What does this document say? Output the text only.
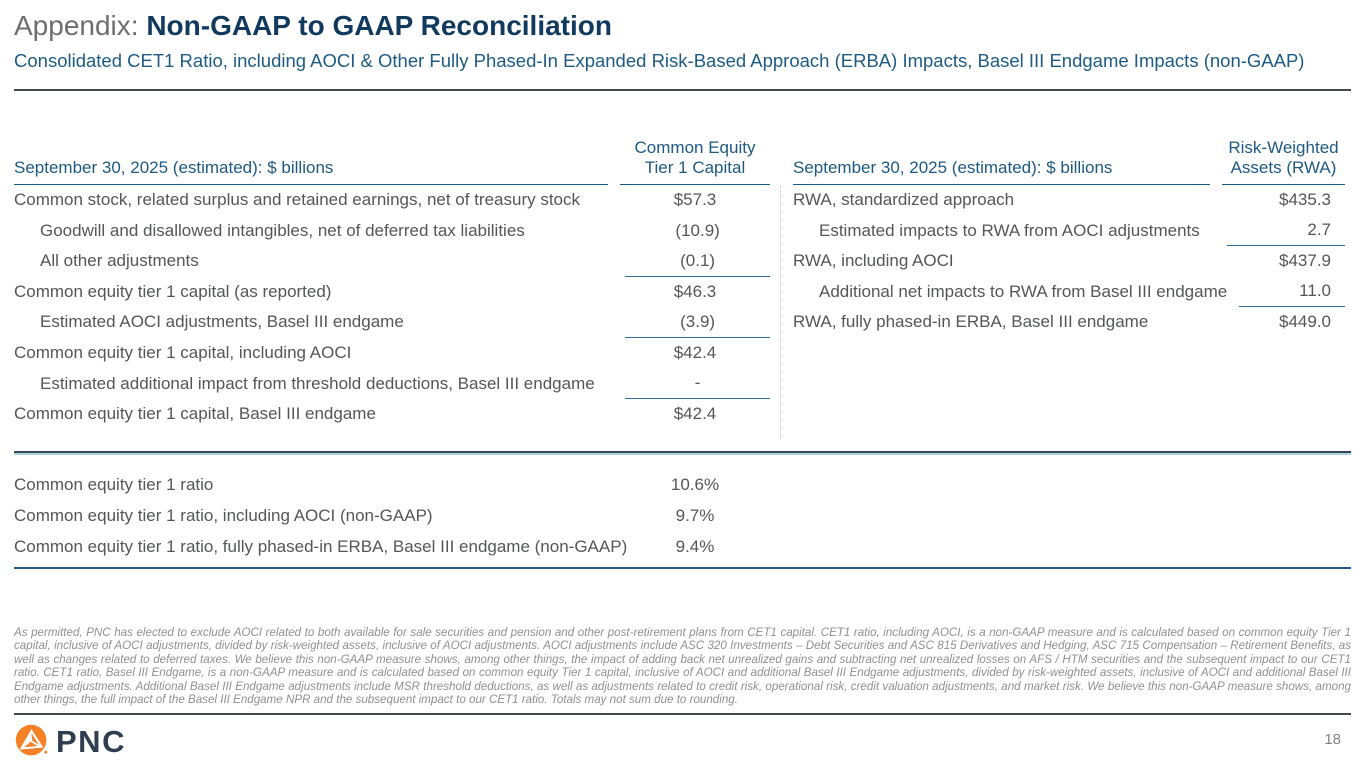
Appendix: Non-GAAP to GAAP Reconciliation
Consolidated CET1 Ratio, including AOCI & Other Fully Phased-In Expanded Risk-Based Approach (ERBA) Impacts, Basel III Endgame Impacts (non-GAAP)
September 30, 2025 (estimated): $ billions
Common Equity
Tier 1 Capital
Common stock, related surplus and retained earnings, net of treasury stock	$57.3
Goodwill and disallowed intangibles, net of deferred tax liabilities	(10.9)
All other adjustments	(0.1)
Common equity tier 1 capital (as reported)	$46.3
Estimated AOCI adjustments, Basel III endgame	(3.9)
Common equity tier 1 capital, including AOCI	$42.4
Estimated additional impact from threshold deductions, Basel III endgame	-
Common equity tier 1 capital, Basel III endgame	$42.4
September 30, 2025 (estimated): $ billions
Risk-Weighted
Assets (RWA)
RWA, standardized approach	$435.3
Estimated impacts to RWA from AOCI adjustments	2.7
RWA, including AOCI	$437.9
Additional net impacts to RWA from Basel III endgame	11.0
RWA, fully phased-in ERBA, Basel III endgame	$449.0
Common equity tier 1 ratio	10.6%
Common equity tier 1 ratio, including AOCI (non-GAAP)	9.7%
Common equity tier 1 ratio, fully phased-in ERBA, Basel III endgame (non-GAAP)	9.4%

As permitted, PNC has elected to exclude AOCI related to both available for sale securities and pension and other post-retirement plans from CET1 capital. CET1 ratio, including AOCI, is a non-GAAP measure and is calculated based on common equity Tier 1 capital, inclusive of AOCI adjustments, divided by risk-weighted assets, inclusive of AOCI adjustments. AOCI adjustments include ASC 320 Investments – Debt Securities and ASC 815 Derivatives and Hedging, ASC 715 Compensation – Retirement Benefits, as well as changes related to deferred taxes. We believe this non-GAAP measure shows, among other things, the impact of adding back net unrealized gains and subtracting net unrealized losses on AFS / HTM securities and the subsequent impact to our CET1 ratio. CET1 ratio, Basel III Endgame, is a non-GAAP measure and is calculated based on common equity Tier 1 capital, inclusive of AOCI and additional Basel III Endgame adjustments, divided by risk-weighted assets, inclusive of AOCI and additional Basel III Endgame adjustments. Additional Basel III Endgame adjustments include MSR threshold deductions, as well as adjustments related to credit risk, operational risk, credit valuation adjustments, and market risk. We believe this non-GAAP measure shows, among other things, the full impact of the Basel III Endgame NPR and the subsequent impact to our CET1 ratio. Totals may not sum due to rounding.

PNC	18
